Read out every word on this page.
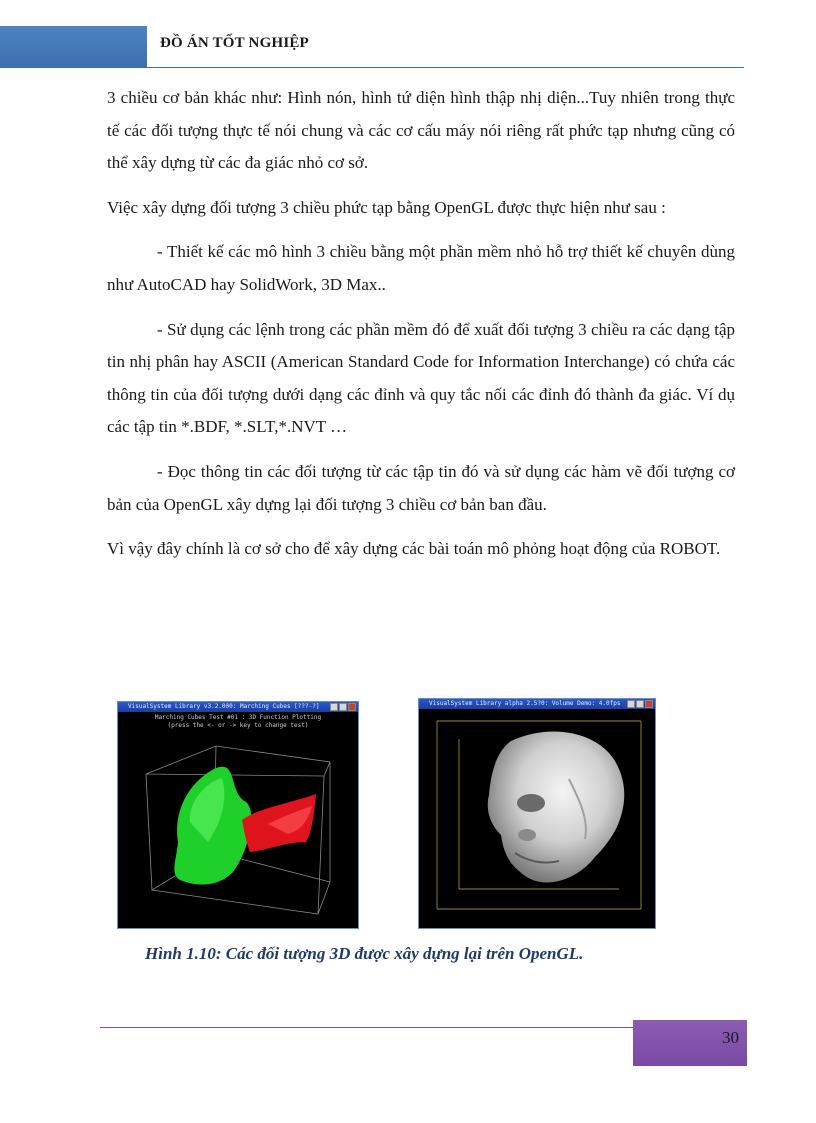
ĐỒ ÁN TỐT NGHIỆP

3 chiều cơ bản khác như: Hình nón, hình tứ diện hình thập nhị diện...Tuy nhiên trong thực tế các đối tượng thực tế nói chung và các cơ cấu máy nói riêng rất phức tạp nhưng cũng có thể xây dựng từ các đa giác nhỏ cơ sở.

Việc xây dựng đối tượng 3 chiều phức tạp bằng OpenGL được thực hiện như sau :

- Thiết kế các mô hình 3 chiều bằng một phần mềm nhỏ hỗ trợ thiết kế chuyên dùng như AutoCAD hay SolidWork, 3D Max..

- Sử dụng các lệnh trong các phần mềm đó để xuất đối tượng 3 chiều ra các dạng tập tin nhị phân hay ASCII (American Standard Code for Information Interchange) có chứa các thông tin của đối tượng dưới dạng các đỉnh và quy tắc nối các đỉnh đó thành đa giác. Ví dụ các tập tin *.BDF, *.SLT,*.NVT …

- Đọc thông tin các đối tượng từ các tập tin đó và sử dụng các hàm vẽ đối tượng cơ bản của OpenGL xây dựng lại đối tượng 3 chiều cơ bản ban đầu.

Vì vậy đây chính là cơ sở cho để xây dựng các bài toán mô phỏng hoạt động của ROBOT.

VisualSystem Library v3.2.000: Marching Cubes [???-?]
Marching Cubes Test #01 : 3D Function Plotting
(press the <- or -> key to change test)
VisualSystem Library alpha 2.5?0: Volume Demo: 4.0fps
Hình 1.10: Các đối tượng 3D được xây dựng lại trên OpenGL.
30
